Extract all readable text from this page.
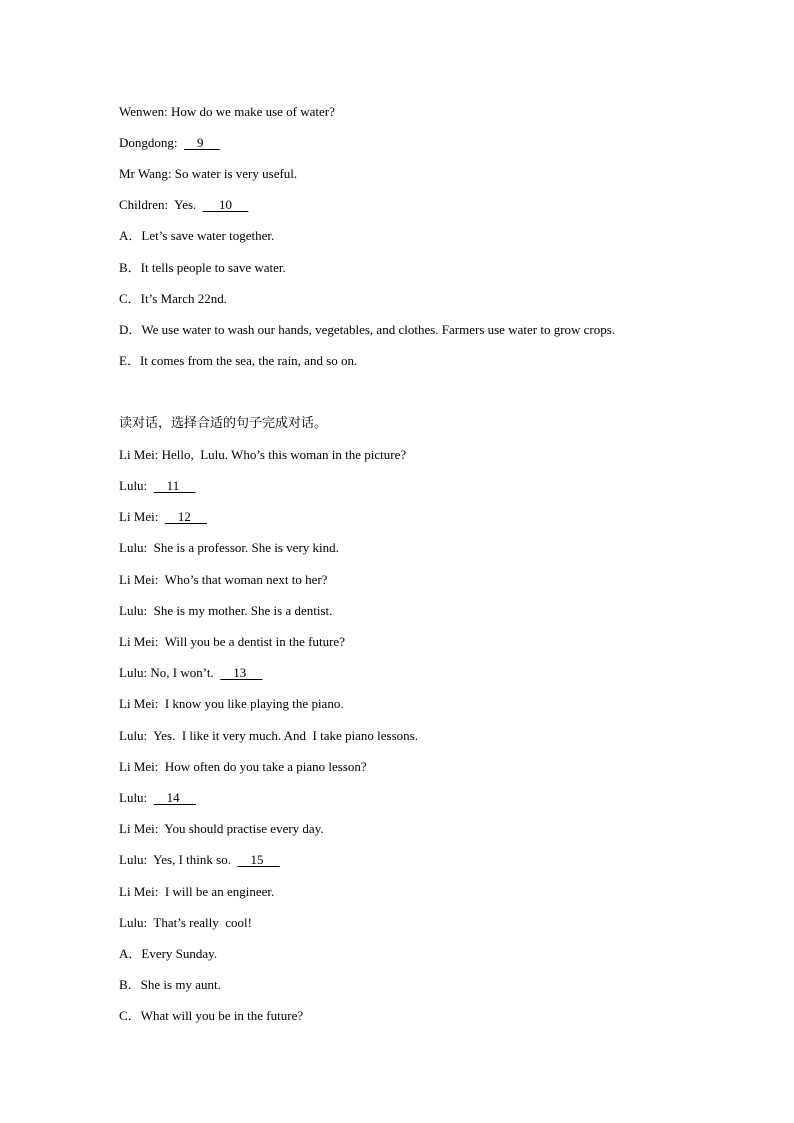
Wenwen: How do we make use of water?
Dongdong:      9
Mr Wang: So water is very useful.
Children:  Yes.       10
A．Let’s save water together.
B．It tells people to save water.
C．It’s March 22nd.
D．We use water to wash our hands, vegetables, and clothes. Farmers use water to grow crops.
E．It comes from the sea, the rain, and so on.
读对话，选择合适的句子完成对话。
Li Mei: Hello,  Lulu. Who’s this woman in the picture?
Lulu:      11
Li Mei:      12
Lulu:  She is a professor. She is very kind.
Li Mei:  Who’s that woman next to her?
Lulu:  She is my mother. She is a dentist.
Li Mei:  Will you be a dentist in the future?
Lulu: No, I won’t.      13
Li Mei:  I know you like playing the piano.
Lulu:  Yes.  I like it very much. And  I take piano lessons.
Li Mei:  How often do you take a piano lesson?
Lulu:      14
Li Mei:  You should practise every day.
Lulu:  Yes, I think so.      15
Li Mei:  I will be an engineer.
Lulu:  That’s really  cool!
A．Every Sunday.
B．She is my aunt.
C．What will you be in the future?
